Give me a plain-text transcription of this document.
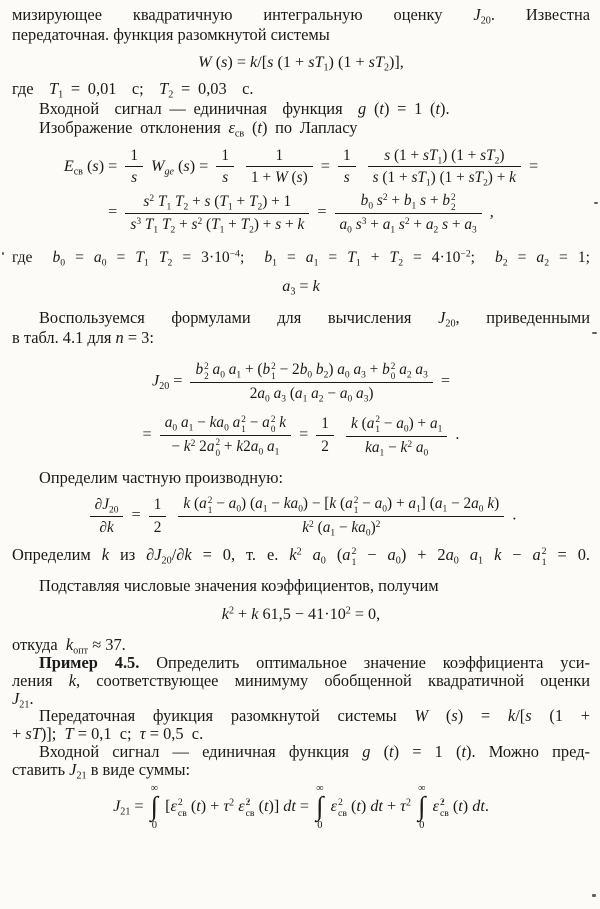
мизирующее квадратичную интегральную оценку $J_{20}$. Известна
передаточная. функция разомкнутой системы
W (s) = k/[s $(1 + sT_1)$ $(1 + sT_2)$],
где  $T_1 = 0,01$  с;  $T_2 = 0,03$  с.
Входной  сигнал — единичная  функция  g (t) = 1 (t).
Изображение отклонения $\varepsilon_{св}$ (t) по Лапласу
$E_{св}$ $(s) = \frac{1}{s} W_{ge}$ $(s) = \frac{1}{s}$
$\frac{1}{1 + W (s)} = \frac{1}{s}$
$\frac{s (1 + sT_1) (1 + sT_2)}{s (1 + sT_1) (1 + sT_2) + k}$ =
= $\frac{s^2 T_1 T_2 + s (T_1 + T_2) + 1}{s^3 T_1 T_2 + s^2 (T_1 + T_2) + s + k} = b_0$ $s^2 + b_1$ s + b 2
2
$a_0$ $s^3 + a_1$ $s^2 + a_2$ $s + a_3$ ,
где  $b_0 = a_0 = T_1$ $T_2 = 3\cdot 10^{-4}$;  $b_1 = a_1 = T_1 + T_2 = 4\cdot 10^{-2}$;  $b_2 = a_2 = 1$;
$a_3 = k$
Воспользуемся формулами для вычисления $J_{20}$, приведенными
в табл. 4.1 для n = 3:
$J_{20} = b$ 2
2 $a_0$ $a_1 + (b$ 2
$1 - 2b_0$ $b_2$) $a_0$ $a_3 + b$ 2
0 $a_2$ $a_3$
$2a_0$ $a_3$ ($a_1$ $a_2 - a_0$ $a_3$) =
= $a_0$ $a_1 - ka_0$ a 2
1 − a 2
0 k
− $k^2$ 2a 2
$0 + k2a_0$ $a_1 = \frac{1}{2}$
k (a 2
$1 - a_0) + a_1$
$ka_1 - k^2$ $a_0$ .
Определим частную производную:
$\frac{\partial J_{20}}{\partial k} = \frac{1}{2}$
k (a 2
$1 - a_0$) $(a_1 - ka_0) - [k$ (a 2
$1 - a_0) + a_1$] ($a_1 - 2a_0$ k)
$k^2$ $(a_1 - ka_0)^2$ .
Определим k из $\partial J_{20}/\partial k = 0$, т. е. $k^2$ $a_0$ (a 2
$1 - a_0) + 2a_0$ $a_1$ k − a 2
1 = 0.
Подставляя числовые значения коэффициентов, получим
$k^2 + k$ $61,5 - 41\cdot 10^2 = 0$,
откуда  $k_{опт} \approx 37$.
Пример 4.5. Определить оптимальное значение коэффициента уси-
ления k, соответствующее минимуму обобщенной квадратичной оценки
$J_{21}$.
Передаточная фуикция разомкнутой системы W (s) = k/[s (1 +
+ sT)];  T = 0,1  с;  τ = 0,5  с.
Входной сигнал — единичная функция g (t) = 1 (t). Можно пред-
ставить $J_{21}$ в виде суммы:
$J_{21}$ =
∞
∫
0
[ε 2
св $(t) + \tau^2$ ε̇ 2
св (t)] dt =
∞
∫
0
ε 2
св (t) dt + $\tau^2$
∞
∫
0
ε̇ 2
св (t) dt.
